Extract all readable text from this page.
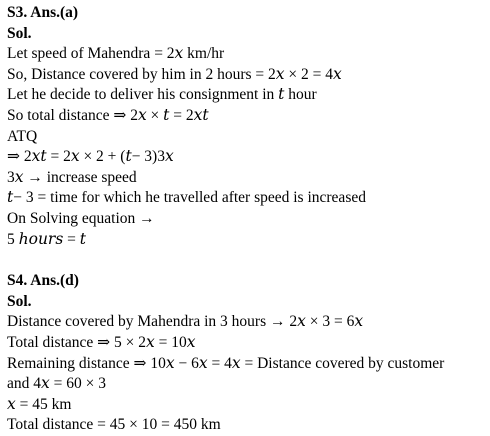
S3. Ans.(a)
Sol.
Let speed of Mahendra = 2𝑥 km/hr
So, Distance covered by him in 2 hours = 2𝑥 × 2 = 4𝑥
Let he decide to deliver his consignment in 𝑡 hour
So total distance ⇒ 2𝑥 × 𝑡 = 2𝑥𝑡
ATQ
⇒ 2𝑥𝑡 = 2𝑥 × 2 + (𝑡− 3)3𝑥
3𝑥 → increase speed
𝑡− 3 = time for which he travelled after speed is increased
On Solving equation →
5 ℎ𝑜𝑢𝑟𝑠 = 𝑡
S4. Ans.(d)
Sol.
Distance covered by Mahendra in 3 hours → 2𝑥 × 3 = 6𝑥
Total distance ⇒ 5 × 2𝑥 = 10𝑥
Remaining distance ⇒ 10𝑥 − 6𝑥 = 4𝑥 = Distance covered by customer
and 4𝑥 = 60 × 3
𝑥 = 45 km
Total distance = 45 × 10 = 450 km
